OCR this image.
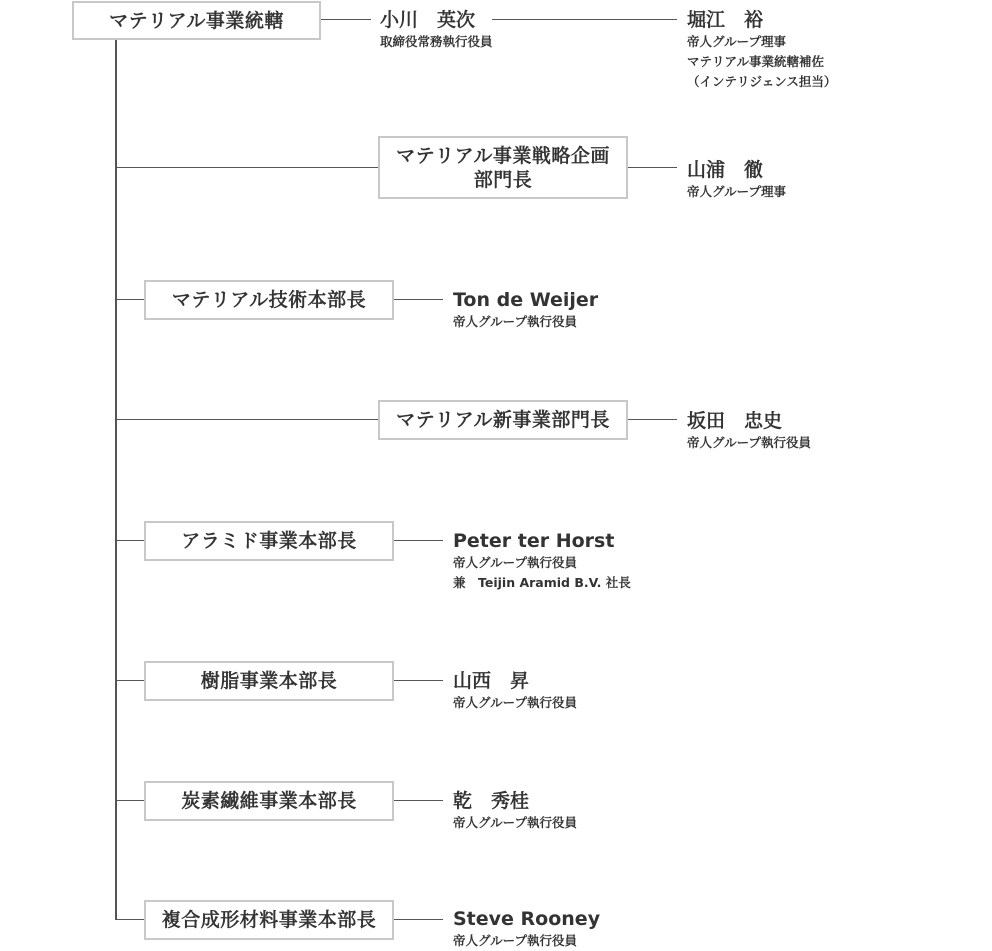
マテリアル事業統轄	小川　英次
取締役常務執行役員
堀江　裕
帝人グループ理事
マテリアル事業統轄補佐
（インテリジェンス担当）
マテリアル事業戦略企画
部門長	山浦　徹
帝人グループ理事
マテリアル技術本部長	Ton de Weijer
帝人グループ執行役員
マテリアル新事業部門長	坂田　忠史
帝人グループ執行役員
アラミド事業本部長	Peter ter Horst
帝人グループ執行役員
兼　Teijin Aramid B.V. 社長
樹脂事業本部長	山西　昇
帝人グループ執行役員
炭素繊維事業本部長	乾　秀桂
帝人グループ執行役員
複合成形材料事業本部長	Steve Rooney
帝人グループ執行役員
